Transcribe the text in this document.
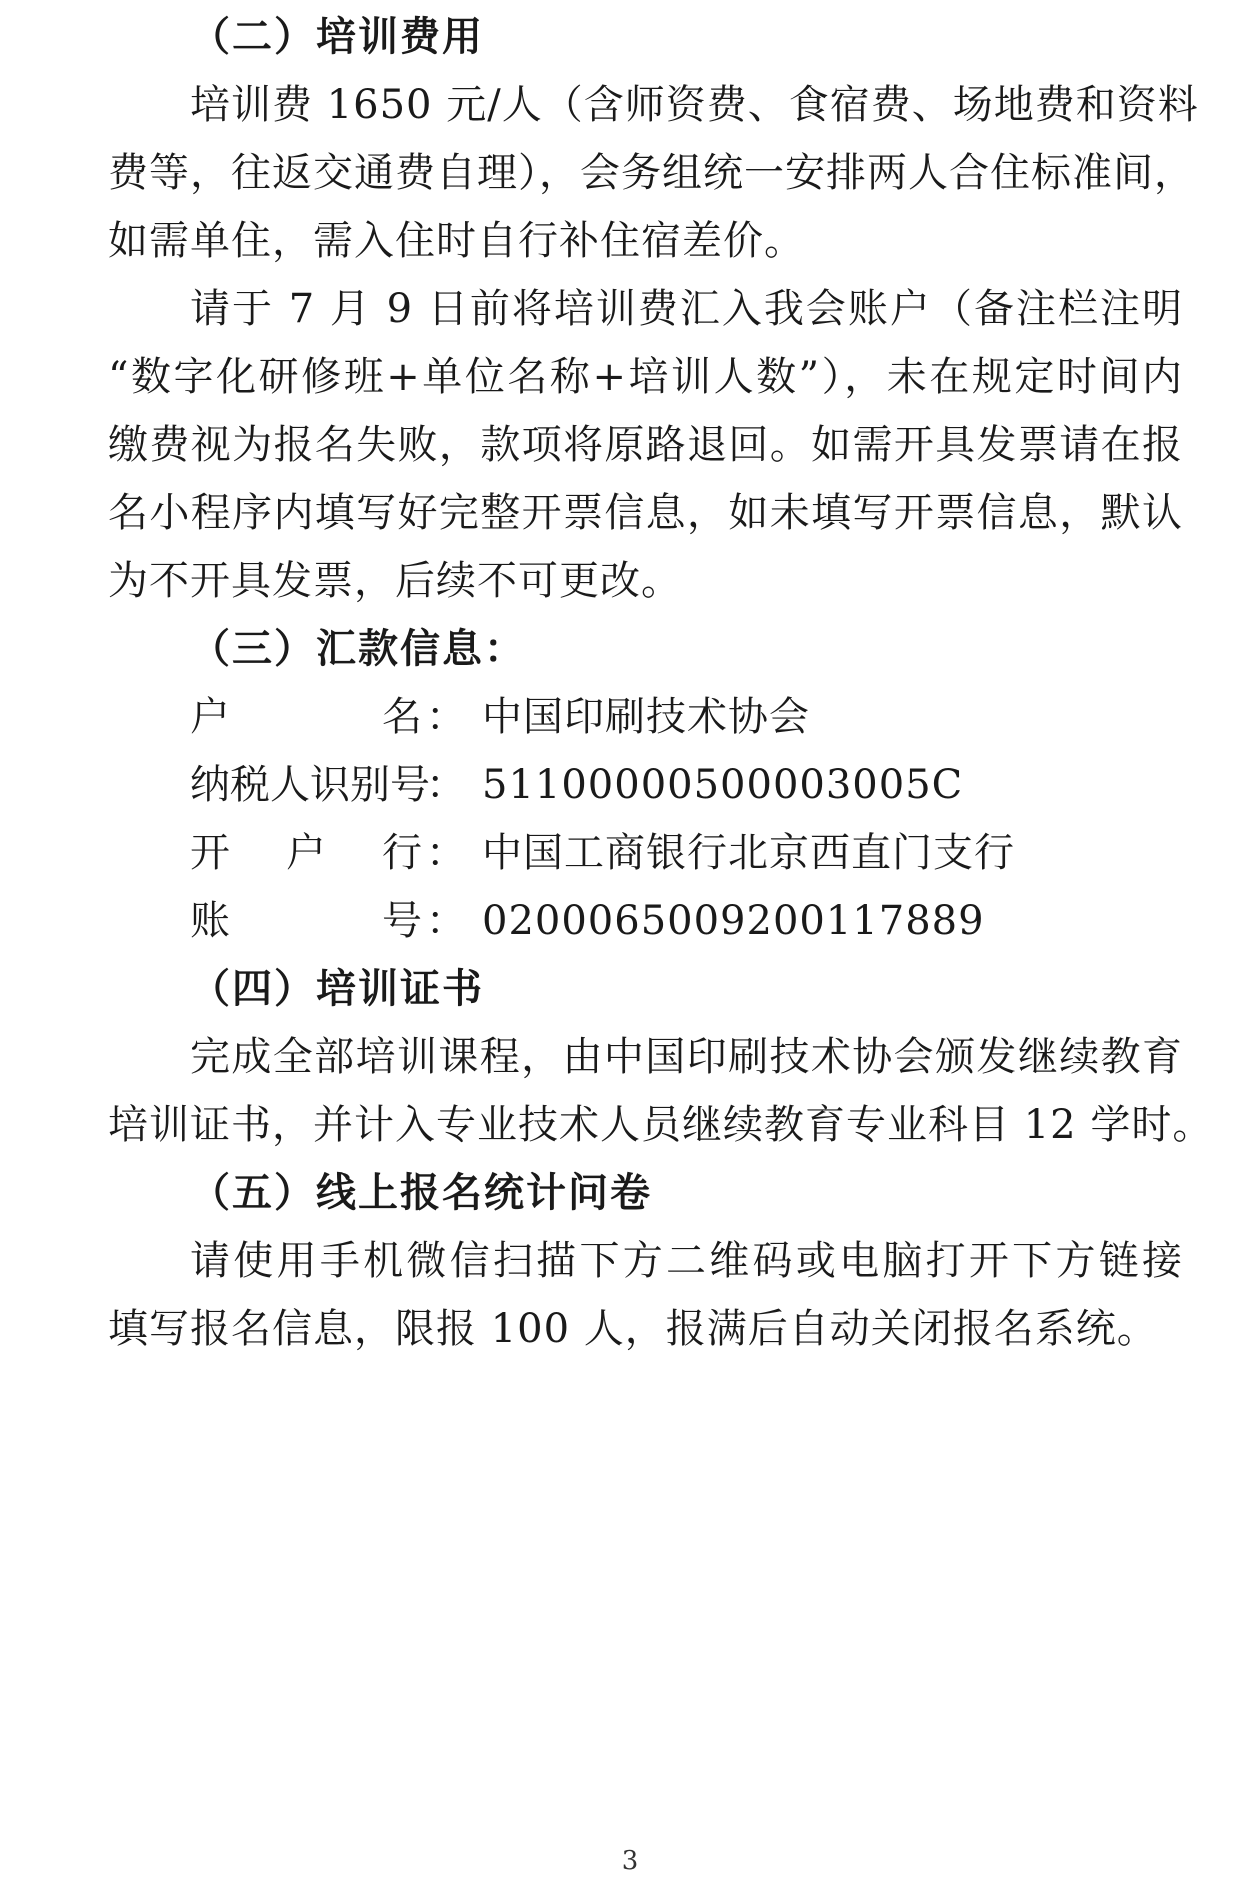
（二）培训费用
培训费 1650 元/人（含师资费、食宿费、场地费和资料
费等，往返交通费自理），会务组统一安排两人合住标准间，
如需单住，需入住时自行补住宿差价。
请于 7 月 9 日前将培训费汇入我会账户（备注栏注明
“数字化研修班+单位名称+培训人数”），未在规定时间内
缴费视为报名失败，款项将原路退回。如需开具发票请在报
名小程序内填写好完整开票信息，如未填写开票信息，默认
为不开具发票，后续不可更改。
（三）汇款信息：
户	名 ： 中国印刷技术协会
纳 税 人 识 别 号
： 51100000500003005C
开 户 行 ： 中国工商银行北京西直门支行
账	号 ： 0200065009200117889
（四）培训证书
完成全部培训课程，由中国印刷技术协会颁发继续教育
培训证书，并计入专业技术人员继续教育专业科目 12 学时。
（五）线上报名统计问卷
请使用手机微信扫描下方二维码或电脑打开下方链接
填写报名信息，限报 100 人，报满后自动关闭报名系统。
3
